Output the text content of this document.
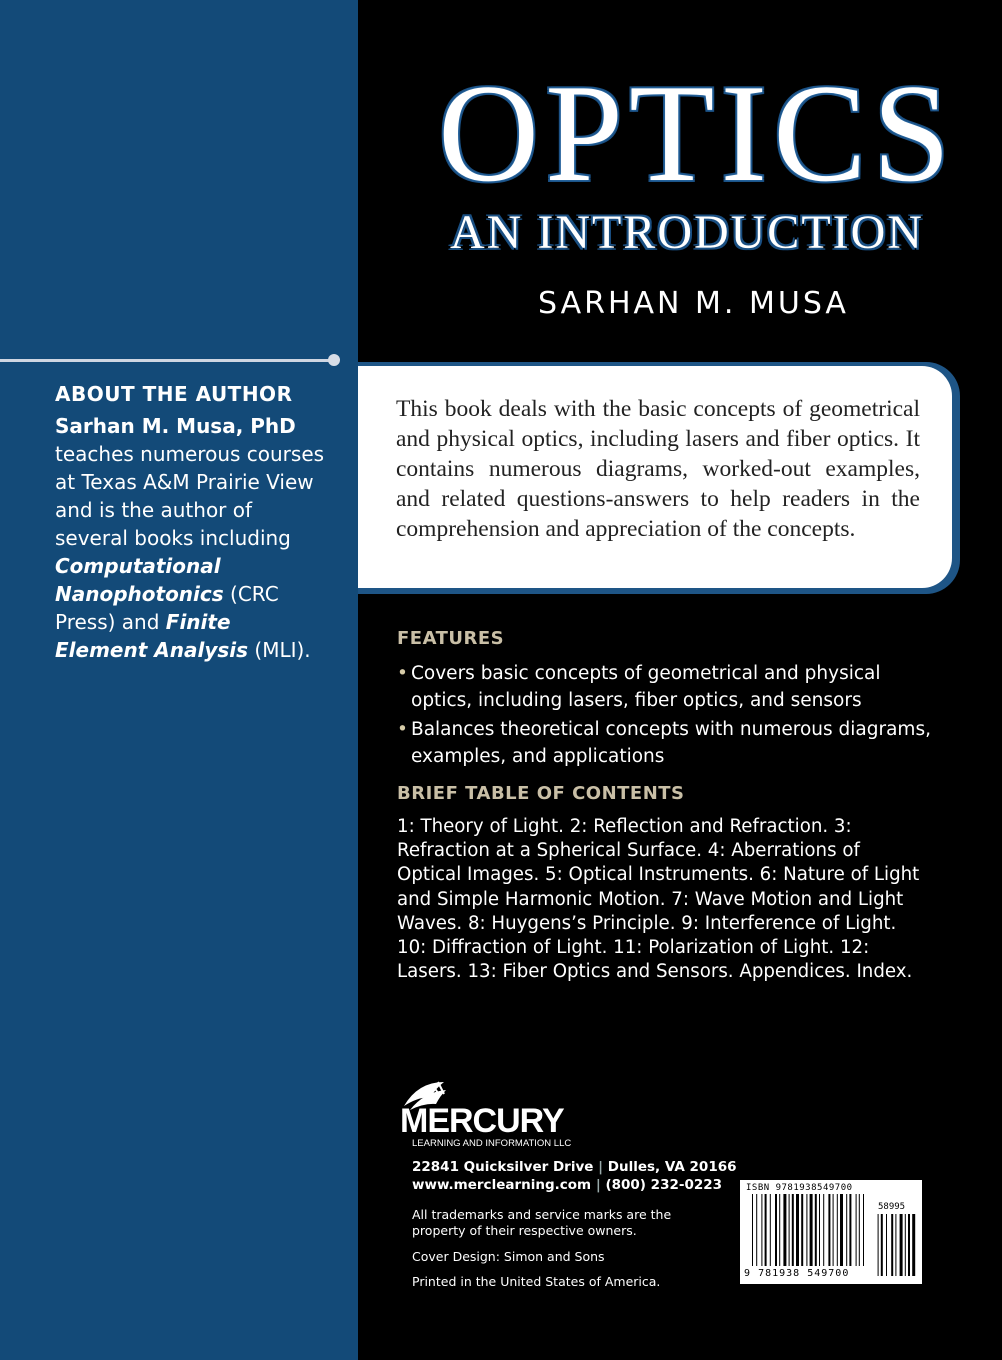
ABOUT THE AUTHOR

Sarhan M. Musa, PhD teaches numerous courses at Texas A&M Prairie View and is the author of several books including Computational Nanophotonics (CRC Press) and Finite Element Analysis (MLI).

OPTICS
AN INTRODUCTION
SARHAN M. MUSA

This book deals with the basic concepts of geometrical and physical optics, including lasers and fiber optics. It contains numerous diagrams, worked-out examples, and related questions-answers to help readers in the comprehension and appreciation of the concepts.

FEATURES

• Covers basic concepts of geometrical and physical optics, including lasers, fiber optics, and sensors
• Balances theoretical concepts with numerous diagrams, examples, and applications

BRIEF TABLE OF CONTENTS

1: Theory of Light. 2: Reflection and Refraction. 3: Refraction at a Spherical Surface. 4: Aberrations of Optical Images. 5: Optical Instruments. 6: Nature of Light and Simple Harmonic Motion. 7: Wave Motion and Light Waves. 8: Huygens’s Principle. 9: Interference of Light. 10: Diffraction of Light. 11: Polarization of Light. 12: Lasers. 13: Fiber Optics and Sensors. Appendices. Index.

MERCURY
LEARNING AND INFORMATION LLC

22841 Quicksilver Drive | Dulles, VA 20166

www.merclearning.com | (800) 232-0223

All trademarks and service marks are the property of their respective owners.

Cover Design: Simon and Sons

Printed in the United States of America.

ISBN 9781938549700
58995
9 781938 549700
